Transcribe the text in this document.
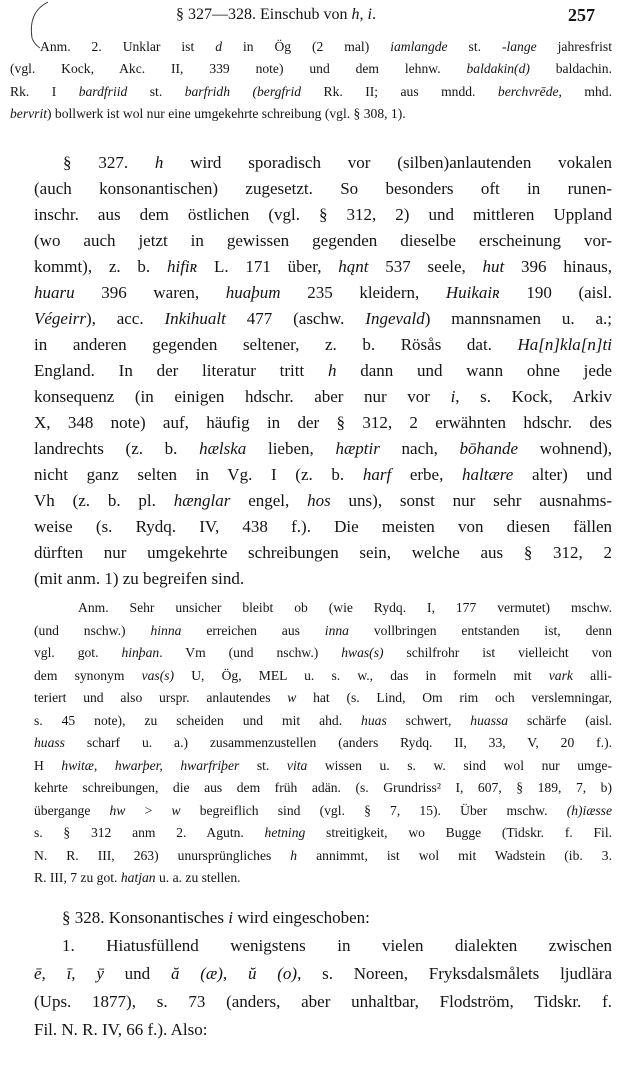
§ 327—328. Einschub von h, i.	257
Anm. 2. Unklar ist d in Ög (2 mal) iamlangde st. -lange jahresfrist
(vgl. Kock, Akc. II, 339 note) und dem lehnw. baldakin(d) baldachin.
Rk. I bardfriid st. barfridh (bergfrid Rk. II; aus mndd. berchvrēde, mhd.
bervrit) bollwerk ist wol nur eine umgekehrte schreibung (vgl. § 308, 1).
§ 327. h wird sporadisch vor (silben)anlautenden vokalen
(auch konsonantischen) zugesetzt. So besonders oft in runen-
inschr. aus dem östlichen (vgl. § 312, 2) und mittleren Uppland
(wo auch jetzt in gewissen gegenden dieselbe erscheinung vor-
kommt), z. b. hifiʀ L. 171 über, hąnt 537 seele, hut 396 hinaus,
huaru 396 waren, huaþum 235 kleidern, Huikaiʀ 190 (aisl.
Végeirr), acc. Inkihualt 477 (aschw. Ingevald) mannsnamen u. a.;
in anderen gegenden seltener, z. b. Rösås dat. Ha[n]kla[n]ti
England. In der literatur tritt h dann und wann ohne jede
konsequenz (in einigen hdschr. aber nur vor i, s. Kock, Arkiv
X, 348 note) auf, häufig in der § 312, 2 erwähnten hdschr. des
landrechts (z. b. hælska lieben, hæptir nach, bōhande wohnend),
nicht ganz selten in Vg. I (z. b. harf erbe, haltære alter) und
Vh (z. b. pl. hænglar engel, hos uns), sonst nur sehr ausnahms-
weise (s. Rydq. IV, 438 f.). Die meisten von diesen fällen
dürften nur umgekehrte schreibungen sein, welche aus § 312, 2
(mit anm. 1) zu begreifen sind.
Anm. Sehr unsicher bleibt ob (wie Rydq. I, 177 vermutet) mschw.
(und nschw.) hinna erreichen aus inna vollbringen entstanden ist, denn
vgl. got. hinþan. Vm (und nschw.) hwas(s) schilfrohr ist vielleicht von
dem synonym vas(s) U, Ög, MEL u. s. w., das in formeln mit vark alli-
teriert und also urspr. anlautendes w hat (s. Lind, Om rim och verslemningar,
s. 45 note), zu scheiden und mit ahd. huas schwert, huassa schärfe (aisl.
huass scharf u. a.) zusammenzustellen (anders Rydq. II, 33, V, 20 f.).
H hwitæ, hwarþer, hwarfriþer st. vita wissen u. s. w. sind wol nur umge-
kehrte schreibungen, die aus dem früh adän. (s. Grundriss² I, 607, § 189, 7, b)
übergange hw > w begreiflich sind (vgl. § 7, 15). Über mschw. (h)iæsse
s. § 312 anm 2. Agutn. hetning streitigkeit, wo Bugge (Tidskr. f. Fil.
N. R. III, 263) unursprüngliches h annimmt, ist wol mit Wadstein (ib. 3.
R. III, 7 zu got. hatjan u. a. zu stellen.
§ 328. Konsonantisches i wird eingeschoben:
1. Hiatusfüllend wenigstens in vielen dialekten zwischen
ē, ī, ȳ und ă (æ), ŭ (o), s. Noreen, Fryksdalsmålets ljudlära
(Ups. 1877), s. 73 (anders, aber unhaltbar, Flodström, Tidskr. f.
Fil. N. R. IV, 66 f.). Also:
